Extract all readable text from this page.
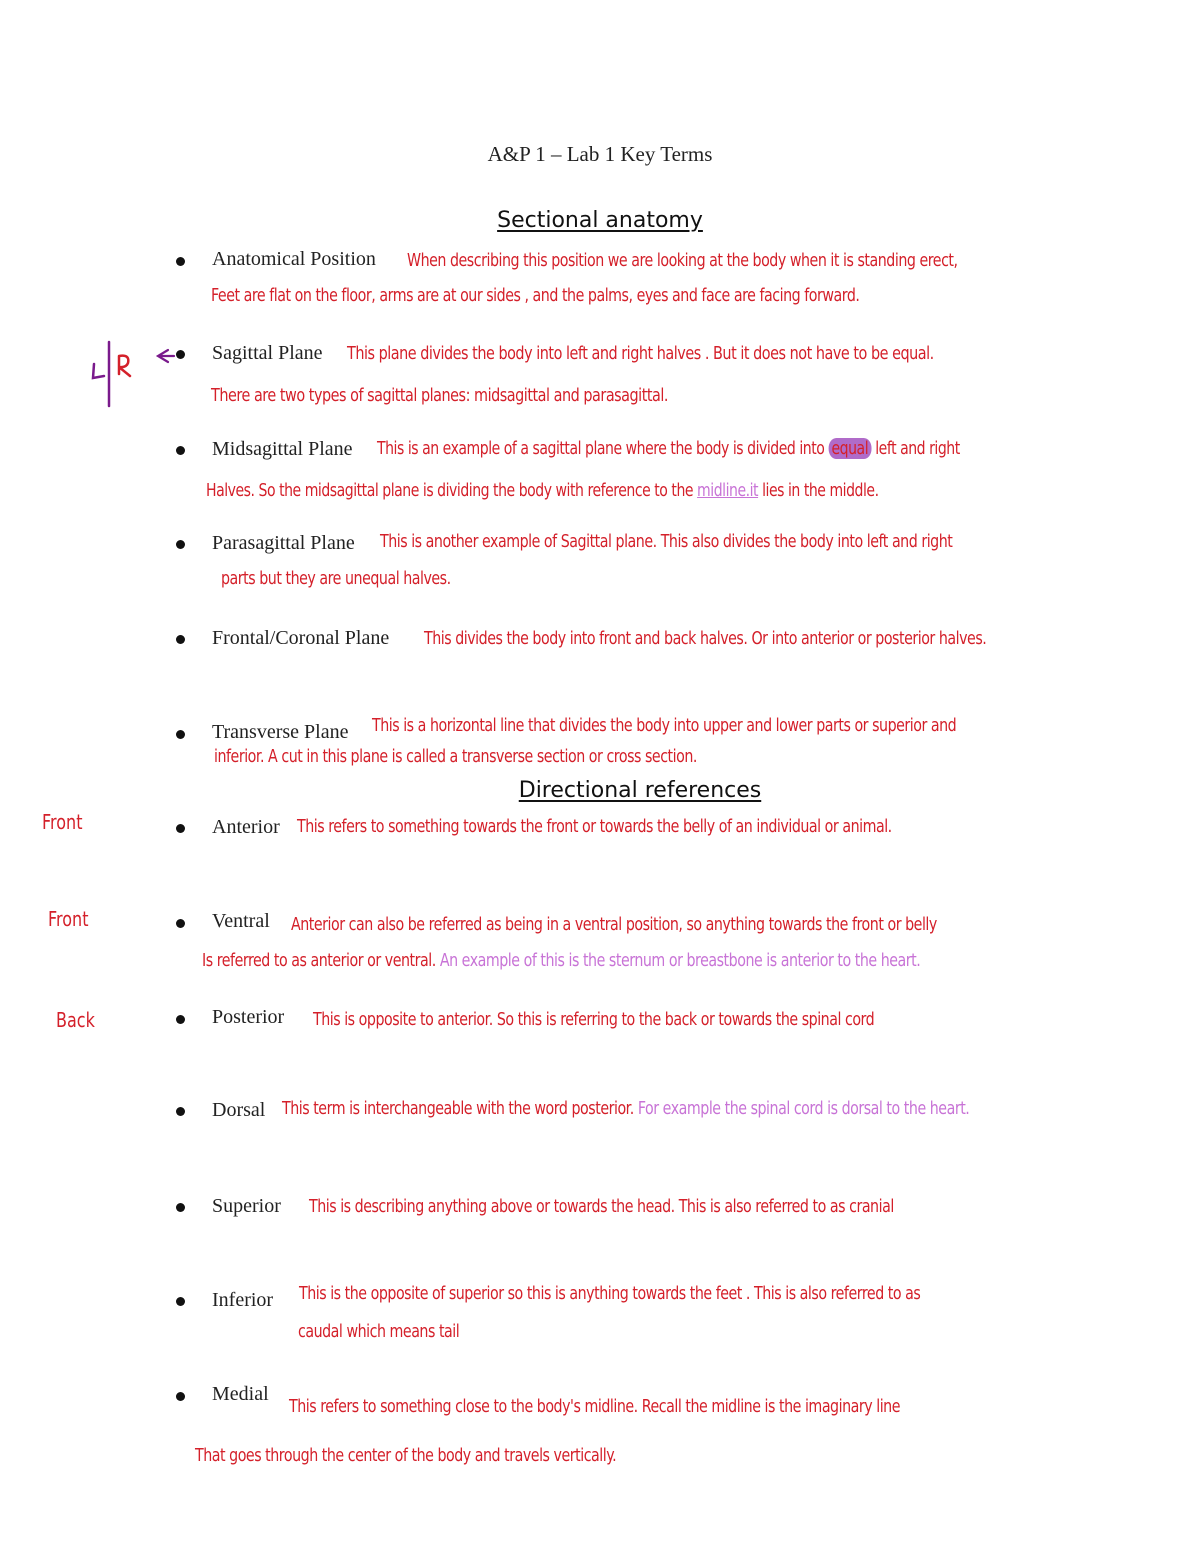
A&P 1 – Lab 1 Key Terms
Sectional anatomy
Anatomical Position When describing this position we are looking at the body when it is standing erect,
Feet are flat on the floor, arms are at our sides , and the palms, eyes and face are facing forward.
Sagittal Plane This plane divides the body into left and right halves . But it does not have to be equal.
There are two types of sagittal planes: midsagittal and parasagittal.
Midsagittal Plane This is an example of a sagittal plane where the body is divided into equal left and right
Halves. So the midsagittal plane is dividing the body with reference to the midline.it lies in the middle.
Parasagittal Plane This is another example of Sagittal plane. This also divides the body into left and right
parts but they are unequal halves.
Frontal/Coronal Plane This divides the body into front and back halves. Or into anterior or posterior halves.
Transverse Plane This is a horizontal line that divides the body into upper and lower parts or superior and
inferior. A cut in this plane is called a transverse section or cross section.
Directional references
Front	Anterior This refers to something towards the front or towards the belly of an individual or animal.
Front	Ventral Anterior can also be referred as being in a ventral position, so anything towards the front or belly
Is referred to as anterior or ventral. An example of this is the sternum or breastbone is anterior to the heart.
Back	Posterior This is opposite to anterior. So this is referring to the back or towards the spinal cord
Dorsal This term is interchangeable with the word posterior. For example the spinal cord is dorsal to the heart.
Superior This is describing anything above or towards the head. This is also referred to as cranial
Inferior This is the opposite of superior so this is anything towards the feet . This is also referred to as
caudal which means tail
Medial
This refers to something close to the body's midline. Recall the midline is the imaginary line
That goes through the center of the body and travels vertically.
